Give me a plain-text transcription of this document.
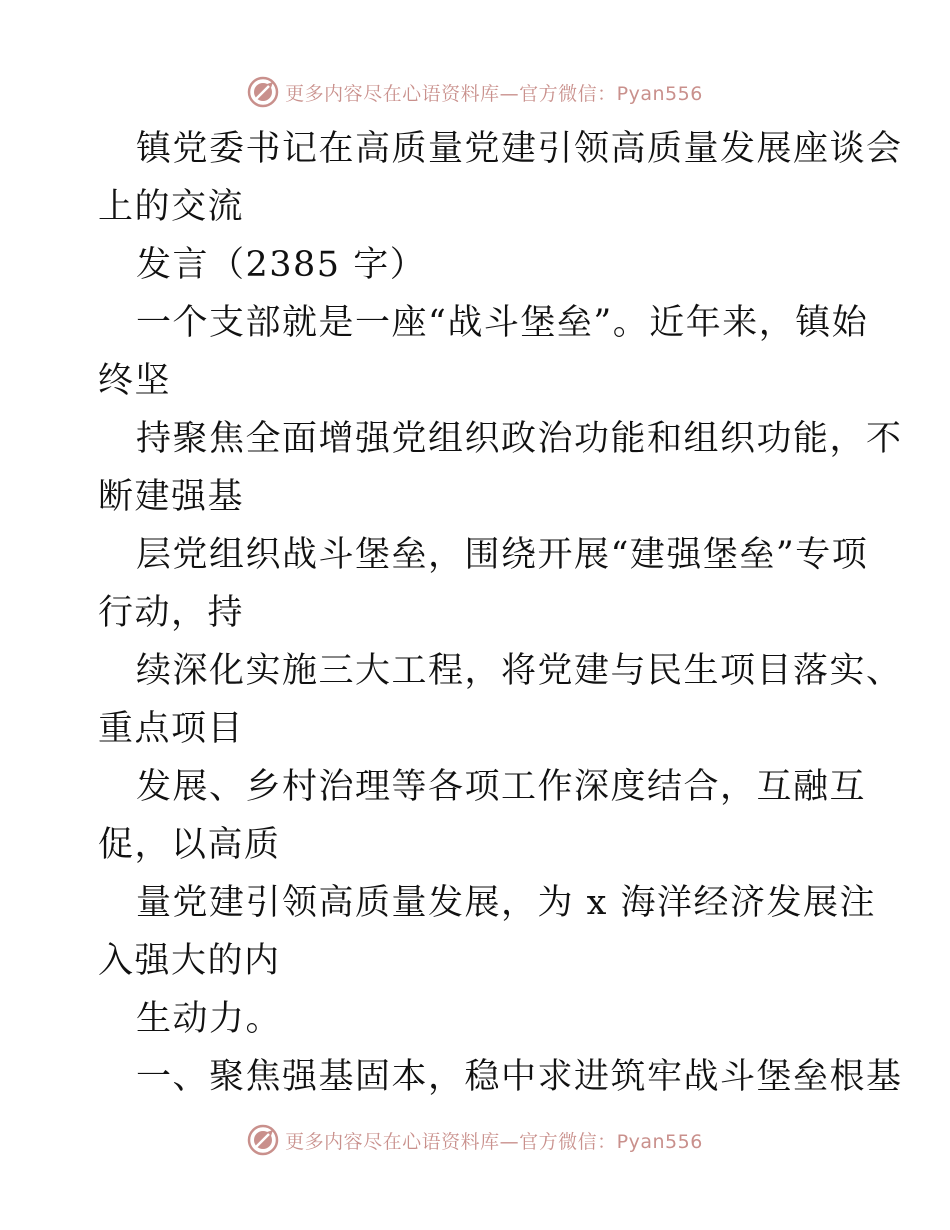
更多内容尽在心语资料库—官方微信：Pyan556
镇党委书记在高质量党建引领高质量发展座谈会
上的交流
发言（2385 字）
一个支部就是一座“战斗堡垒”。近年来，镇始
终坚
持聚焦全面增强党组织政治功能和组织功能，不
断建强基
层党组织战斗堡垒，围绕开展“建强堡垒”专项
行动，持
续深化实施三大工程，将党建与民生项目落实、
重点项目
发展、乡村治理等各项工作深度结合，互融互
促，以高质
量党建引领高质量发展，为 x 海洋经济发展注
入强大的内
生动力。
一、聚焦强基固本，稳中求进筑牢战斗堡垒根基
更多内容尽在心语资料库—官方微信：Pyan556
